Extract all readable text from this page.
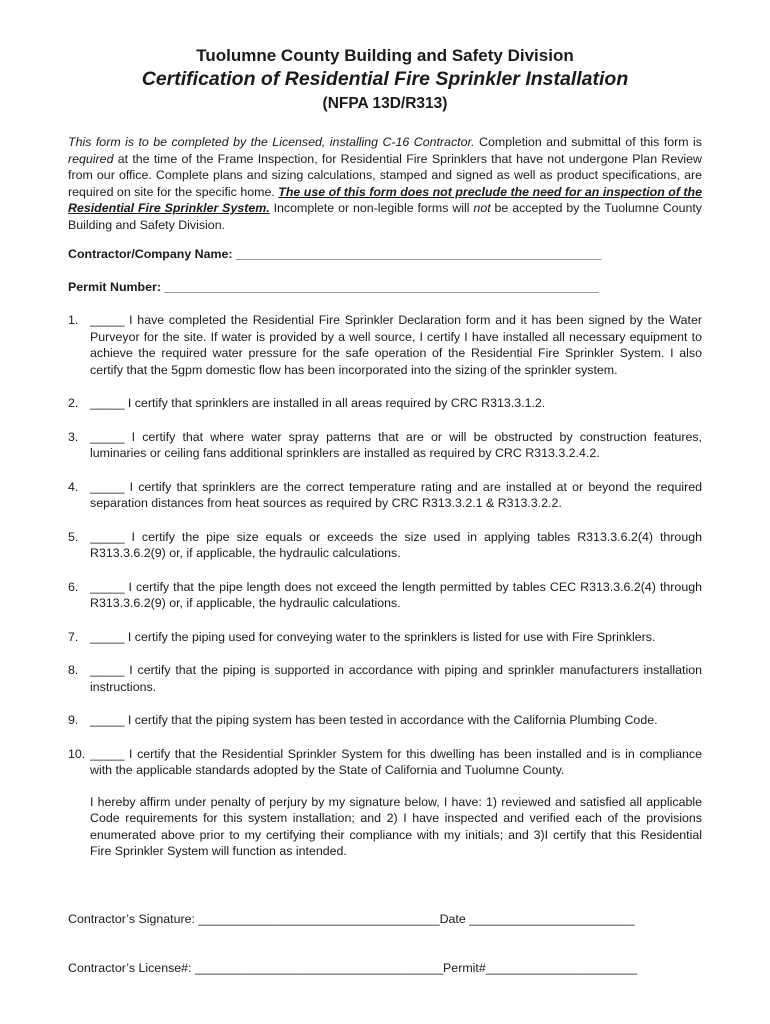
Tuolumne County Building and Safety Division

Certification of Residential Fire Sprinkler Installation

(NFPA 13D/R313)

This form is to be completed by the Licensed, installing C-16 Contractor. Completion and submittal of this form is required at the time of the Frame Inspection, for Residential Fire Sprinklers that have not undergone Plan Review from our office. Complete plans and sizing calculations, stamped and signed as well as product specifications, are required on site for the specific home. The use of this form does not preclude the need for an inspection of the Residential Fire Sprinkler System. Incomplete or non-legible forms will not be accepted by the Tuolumne County Building and Safety Division.

Contractor/Company Name: _____________________________________________________
Permit Number: _______________________________________________________________
1. _____ I have completed the Residential Fire Sprinkler Declaration form and it has been signed by the Water Purveyor for the site. If water is provided by a well source, I certify I have installed all necessary equipment to achieve the required water pressure for the safe operation of the Residential Fire Sprinkler System. I also certify that the 5gpm domestic flow has been incorporated into the sizing of the sprinkler system.
2. _____ I certify that sprinklers are installed in all areas required by CRC R313.3.1.2.
3. _____ I certify that where water spray patterns that are or will be obstructed by construction features, luminaries or ceiling fans additional sprinklers are installed as required by CRC R313.3.2.4.2.
4. _____ I certify that sprinklers are the correct temperature rating and are installed at or beyond the required separation distances from heat sources as required by CRC R313.3.2.1 & R313.3.2.2.
5. _____ I certify the pipe size equals or exceeds the size used in applying tables R313.3.6.2(4) through R313.3.6.2(9) or, if applicable, the hydraulic calculations.
6. _____ I certify that the pipe length does not exceed the length permitted by tables CEC R313.3.6.2(4) through R313.3.6.2(9) or, if applicable, the hydraulic calculations.
7. _____ I certify the piping used for conveying water to the sprinklers is listed for use with Fire Sprinklers.
8. _____ I certify that the piping is supported in accordance with piping and sprinkler manufacturers installation instructions.
9. _____ I certify that the piping system has been tested in accordance with the California Plumbing Code.
10. _____ I certify that the Residential Sprinkler System for this dwelling has been installed and is in compliance with the applicable standards adopted by the State of California and Tuolumne County.

I hereby affirm under penalty of perjury by my signature below, I have: 1) reviewed and satisfied all applicable Code requirements for this system installation; and 2) I have inspected and verified each of the provisions enumerated above prior to my certifying their compliance with my initials; and 3)I certify that this Residential Fire Sprinkler System will function as intended.

Contractor’s Signature: ___________________________________Date ________________________

Contractor’s License#: ____________________________________Permit#______________________
